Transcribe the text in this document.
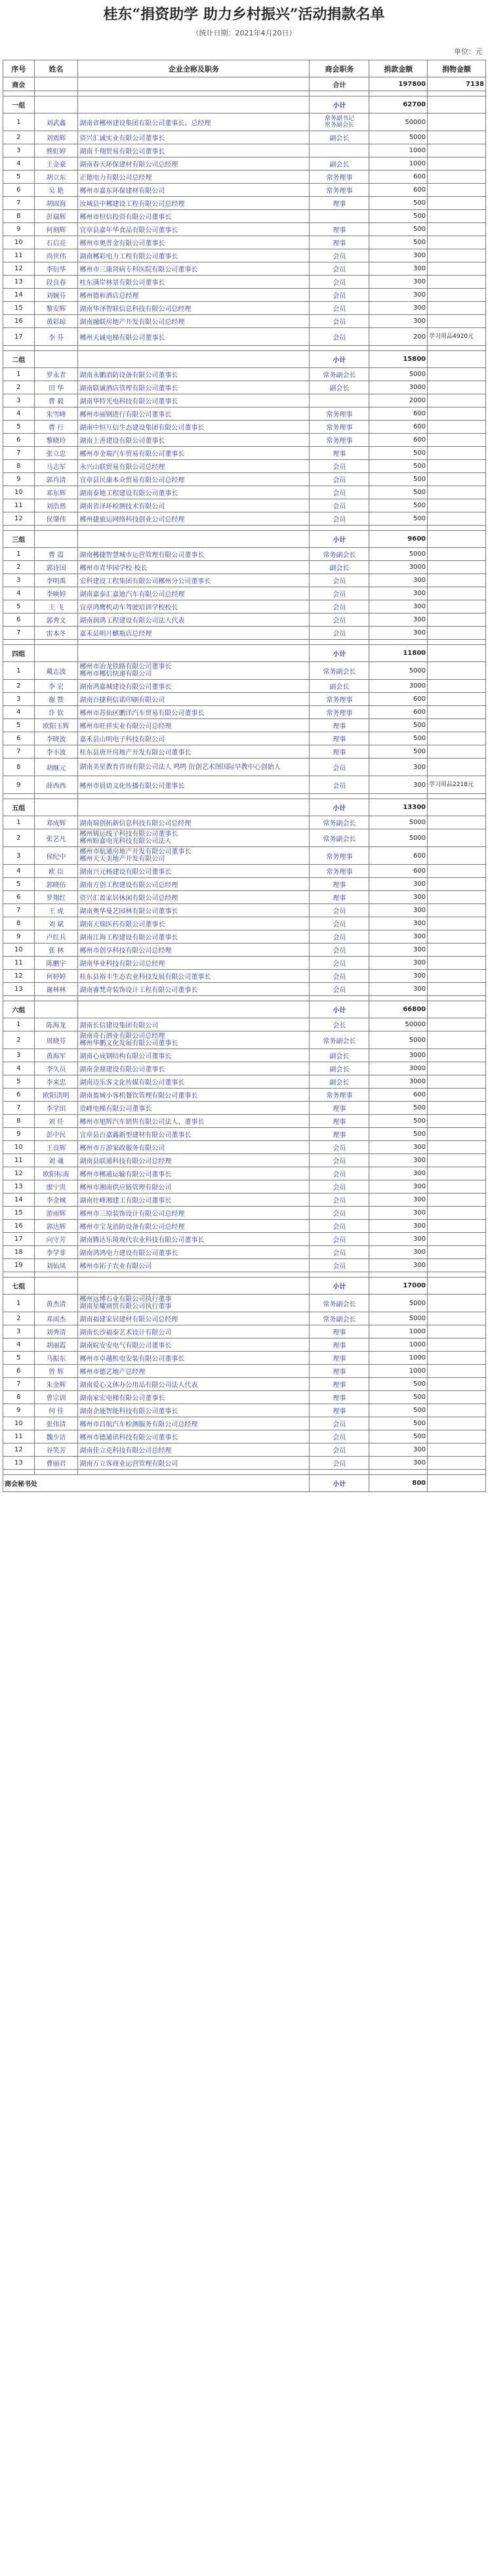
桂东“捐资助学 助力乡村振兴”活动捐款名单
（统计日期：2021年4月20日）
单位：元
序号	姓名	企业全称及职务	商会职务	捐款金额	捐物金额
商会			合计	197800	7138

一组			小计	62700	
1	刘武鑫	湖南省郴州建设集团有限公司董事长、总经理	常务副书记
常务副会长	50000	
2	刘震辉	资兴汇诚实业有限公司董事长	副会长	5000	
3	熊虹婷	湖南千翔贸易有限公司董事长		1000	
4	王金豪	湖南春天环保建材有限公司总经理	副会长	1000	
5	胡立东	正德电力有限公司总经理	常务理事	600	
6	吴 艳	郴州市嘉东环保建材有限公司	常务理事	600	
7	胡固海	汝城县中郴建设工程有限公司总经理	理事	500	
8	彭瑞辉	郴州市恒信投资有限公司董事长		500	
9	何刻辉	宜章县嘉年华食品有限公司董事长	理事	500	
10	石启亮	郴州市奥普金有限公司董事长	理事	500	
11	尚世伟	湖南郴彩电力工程有限公司董事长	会员	300	
12	李衍华	郴州市三康肾病专科医院有限公司董事长	会员	300	
13	段良春	桂东满岸林景有限公司董事长	会员	300	
14	刘婉芬	郴州德和酒店总经理	会员	300	
15	黎安辉	湖南华泽智联信息科技有限公司总经理	会员	300	
16	黄彩琼	湖南融联房地产开发有限公司总经理	会员	300	
17	李 芬	郴州天诚电梯有限公司董事长	会员	200	学习用品4920元

二组			小计	15800	
1	罗永青	湖南永鹏消防设备有限公司董事长	常务副会长	5000	
2	田 华	湖南联诚酒店管理有限公司董事长	副会长	3000	
3	曹 毅	湖南华特光电科技有限公司董事长		2000	
4	朱雪峰	郴州市丽钢进行有限公司董事长	常务理事	600	
5	曹 行	湖南中恒互信生态建设集团有限公司董事长	常务理事	600	
6	黎晓玲	湖南上善建设有限公司董事长	常务理事	600	
7	张立忠	郴州市金瑞汽车贸易有限公司董事长	理事	500	
8	马志军	永兴山联贸易有限公司总经理	会员	500	
9	郭肖清	宜章县民康本众贸易有限公司总经理	会员	500	
10	邓东辉	湖南泰地工程建设有限公司董事长	会员	500	
11	刘浩然	湖南省泽环检测技术有限公司	会员	500	
12	侯肇伟	郴州捷旅运网络科技创业公司总经理	会员	500	

三组			小计	9600	
1	曹 霞	湖南郴捷智慧城市运营管理有限公司董事长	常务副会长	5000	
2	郭诗国	郴州市青华园学校 校长	副会长	3000	
3	李明禹	宏科建设工程集团有限公司郴州分公司董事长	会员	300	
4	李映婷	湖南嘉泰汇嘉迪汽车有限公司总经理	会员	300	
5	王 飞	宜章鸿鹰机动车驾驶培训学校校长	会员	300	
6	郭秀文	湖南润鸿工程建设有限公司法人代表	会员	300	
7	雷本冬	嘉禾县明月麒瓶店总经理	会员	300	

四组			小计	11800	
1	戴志波	郴州市冶龙铁路有限公司董事长
郴州市郴信快递有限公司	常务副会长	5000	
2	李 宏	湖南鸿嘉城建设有限公司董事长	副会长	3000	
3	谢 赞	湖南百捷利信诺印刷有限公司	常务理事	600	
4	许 钦	郴州市苏仙区鹏洋汽车贸易有限公司董事长	常务理事	600	
5	欧阳玉辉	郴州市旺祥实业有限公司总经理	理事	500	
6	李晓波	嘉禾县山明电子科技有限公司	理事	500	
7	李丰波	桂东县唐开房地产开发有限公司董事长	理事	500	
8	胡继元	湖南美星教育咨询有限公司法人 鸣鸣 衍创艺术图国际早教中心创始人	会员	300	
9	薛西西	郴州市晨语文化传播有限公司董事长	会员	300	学习用品2218元

五组			小计	13300	
1	邓成辉	湖南瑞创拓新信息科技有限公司总经理	常务副会长	5000	
2	张艺凡	郴州锦运线子科技有限公司董事长
郴州盼嘉电光科技有限公司法人	常务副会长	5000	
3	侯纪中	郴州市航通房地产开发有限公司董事长
郴州天天美地产开发有限公司	常务理事	600	
4	欧 臣	湖南兴元杨建设有限公司董事长	常务理事	600	
5	郭晓伍	湖南方创工程建设有限公司总经理	理事	300	
6	罗翔红	资兴汇盈家居休闲有限公司总经理	理事	300	
7	王 虎	湖南奥华曼艺园林有限公司董事长	会员	300	
8	刘 斌	湖南天瑞医药有限公司董事长	会员	300	
9	卢红兵	湖南江海工程建设有限公司董事长	会员	300	
10	张 林	郴州市创享科技有限公司总经理	会员	300	
11	陈鹏宇	湖南华业科技有限公司总经理	会员	300	
12	何婷婷	桂东县裕丰生态农业科技发展有限公司董事长	会员	300	
13	谢林林	湖南睿梵奇装饰设计工程有限公司董事长	会员	300	

六组			小计	66800	
1	陈海龙	湖南长信建设集团有限公司	会长	50000	
2	周晓芬	湖南奇石酒业有限公司总经理
郴州华鹏文化发展有限公司董事长	常务副会长	5000	
3	黄海军	湖南心成钢结构有限公司董事长	副会长	3000	
4	李久员	湖南金鼎建设有限公司董事长	副会长	3000	
5	李来忠	湖南迈乐客文化传媒有限公司董事长	副会长	3000	
6	欧阳洪明	湖南盈城小客机餐饮管理有限公司董事长	常务理事	600	
7	李学田	贵峰电梯有限公司董事长	理事	500	
8	刘 任	郴州市旭辉汽车销售有限公司法人、董事长	理事	500	
9	彭中民	宜章县百嘉鑫新型建材有限公司董事长	理事	500	
10	王良辉	郴州市万游家政服务有限公司	会员	300	
11	刘 魂	湖南县联通科技有限公司总经理	会员	300	
12	欧阳标南	郴州市郴通运输有限公司董事长	会员	300	
13	廖宁贵	郴州市湘南供应链管理有限公司	会员	300	
14	李金城	湖南壮峰湘建工有限公司董事长	会员	300	
15	游雨辉	郴州市三原装饰设计有限公司总经理	会员	300	
16	郭达辉	郴州市宝龙消防设备有限公司总经理	会员	300	
17	向守芳	湖南腾达乐境观代农业科技有限公司董事长	会员	300	
18	李学菲	湖南鸿鸿电力建设有限公司董事长	会员	300	
19	刘仙凤	郴州市拓子农业有限公司	会员	300	

七组			小计	17000	
1	黄杰清	郴州远博石业有限公司执行董事
湖南星耀商贸有限公司执行董事	常务副会长	5000	
2	邓雨杰	湖南福建家居建材有限公司总经理	常务副会长	5000	
3	刘秀清	湖南长沙福泰艺术设计有限公司	理事	1000	
4	胡丽霞	湖南皖安安电气有限公司董事长	理事	1000	
5	马振东	郴州市卓越机电安装有限公司董事长	理事	1000	
6	曾 辉	郴州市德艺地产总经理	理事	1000	
7	朱金辉	湖南爱心文体办公用品有限公司法人代表	理事	500	
8	曾宗训	湖南家宏电梯有限公司董事长	理事	500	
9	何 佳	湖南企能智能科技有限公司董事长	理事	500	
10	张伟清	郴州市昌航汽车检测服务有限公司总经理	会员	500	
11	魏少洁	郴州市德通讯科技有限公司董事长	会员	500	
12	谷笑芳	湖南佳立克科技有限公司总经理	会员	300	
13	曹丽君	湖南万立客商业运营管理有限公司	会员	300	

商会秘书处			小计	800	
